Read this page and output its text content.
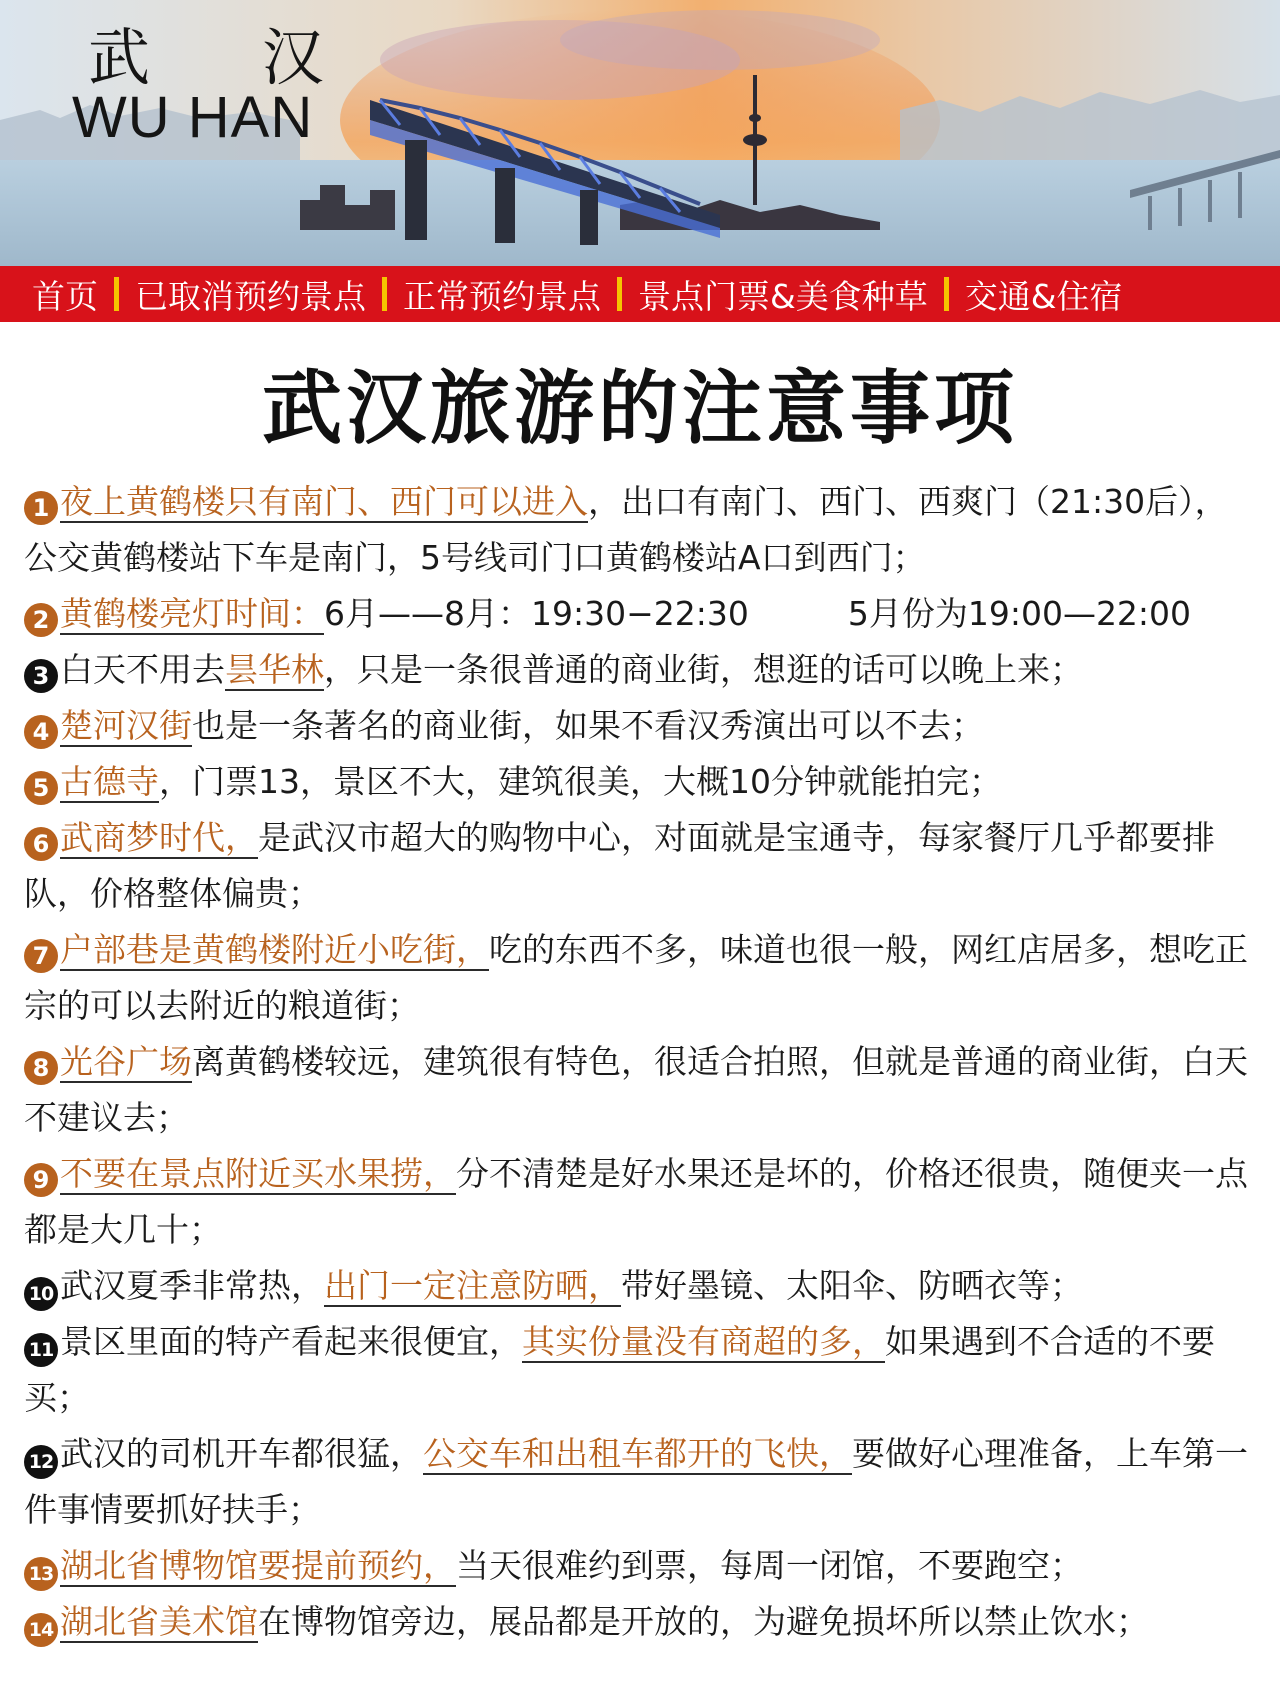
武 汉
WU HAN
首页 已取消预约景点 正常预约景点 景点门票&美食种草 交通&住宿
武汉旅游的注意事项

1 夜上黄鹤楼只有南门、西门可以进入，出口有南门、西门、西爽门（21:30后），公交黄鹤楼站下车是南门，5号线司门口黄鹤楼站A口到西门；

2 黄鹤楼亮灯时间：6月——8月：19:30−22:30　　　5月份为19:00—22:00

3 白天不用去昙华林，只是一条很普通的商业街，想逛的话可以晚上来；

4 楚河汉街也是一条著名的商业街，如果不看汉秀演出可以不去；

5 古德寺，门票13，景区不大，建筑很美，大概10分钟就能拍完；

6 武商梦时代，是武汉市超大的购物中心，对面就是宝通寺，每家餐厅几乎都要排队，价格整体偏贵；

7 户部巷是黄鹤楼附近小吃街，吃的东西不多，味道也很一般，网红店居多，想吃正宗的可以去附近的粮道街；

8 光谷广场离黄鹤楼较远，建筑很有特色，很适合拍照，但就是普通的商业街，白天不建议去；

9 不要在景点附近买水果捞，分不清楚是好水果还是坏的，价格还很贵，随便夹一点都是大几十；

10 武汉夏季非常热，出门一定注意防晒，带好墨镜、太阳伞、防晒衣等；

11 景区里面的特产看起来很便宜，其实份量没有商超的多，如果遇到不合适的不要买；

12 武汉的司机开车都很猛，公交车和出租车都开的飞快，要做好心理准备，上车第一件事情要抓好扶手；

13 湖北省博物馆要提前预约，当天很难约到票，每周一闭馆，不要跑空；

14 湖北省美术馆在博物馆旁边，展品都是开放的，为避免损坏所以禁止饮水；
